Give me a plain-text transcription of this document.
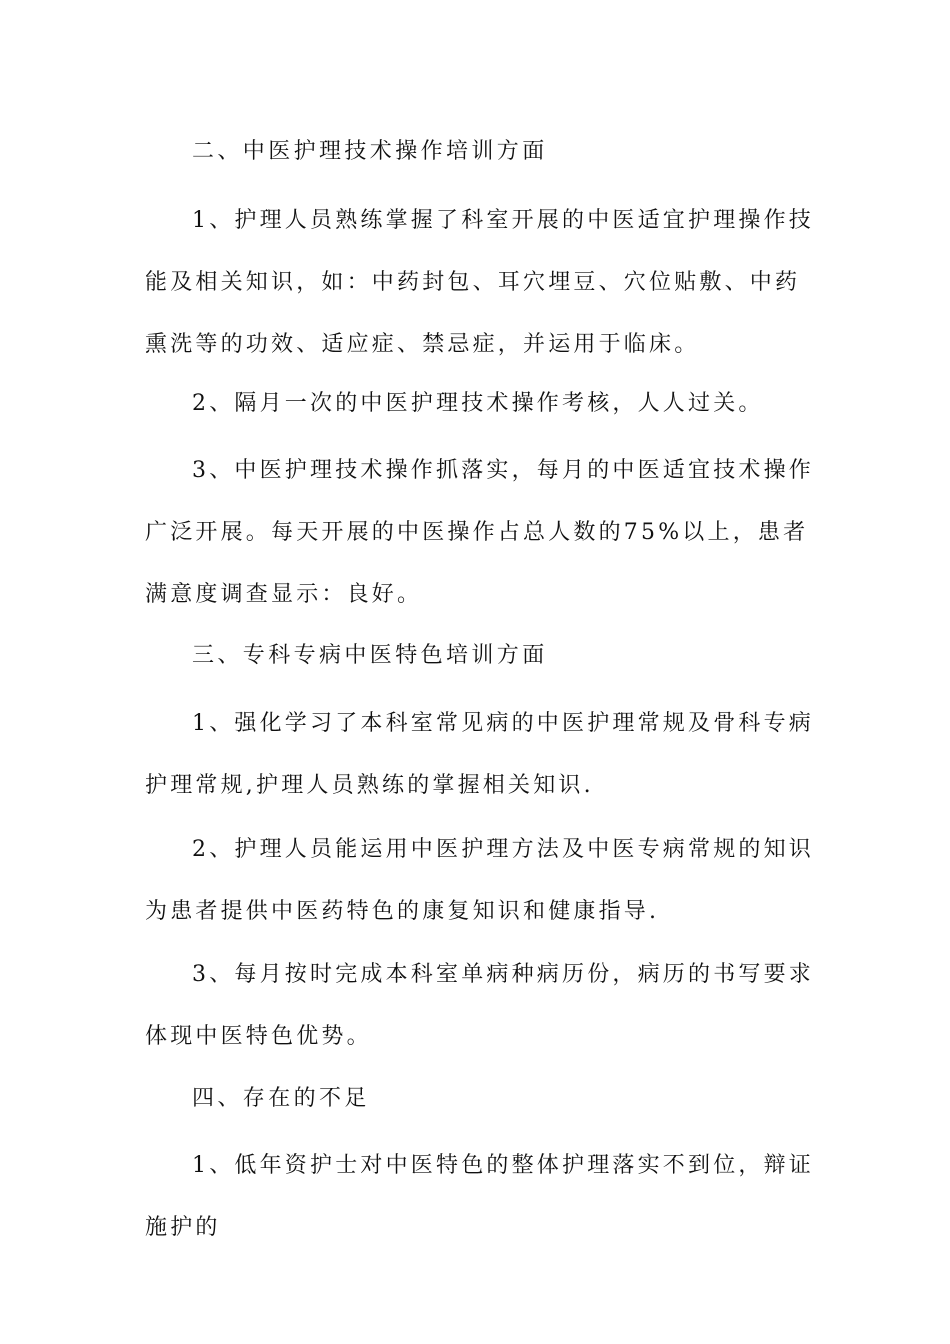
二、中医护理技术操作培训方面

1、护理人员熟练掌握了科室开展的中医适宜护理操作技能及相关知识，如：中药封包、耳穴埋豆、穴位贴敷、中药熏洗等的功效、适应症、禁忌症，并运用于临床。

2、隔月一次的中医护理技术操作考核，人人过关。

3、中医护理技术操作抓落实，每月的中医适宜技术操作广泛开展。每天开展的中医操作占总人数的75%以上，患者满意度调查显示：良好。

三、专科专病中医特色培训方面

1、强化学习了本科室常见病的中医护理常规及骨科专病护理常规,护理人员熟练的掌握相关知识.

2、护理人员能运用中医护理方法及中医专病常规的知识为患者提供中医药特色的康复知识和健康指导.

3、每月按时完成本科室单病种病历份，病历的书写要求体现中医特色优势。

四、存在的不足

1、低年资护士对中医特色的整体护理落实不到位，辩证施护的
